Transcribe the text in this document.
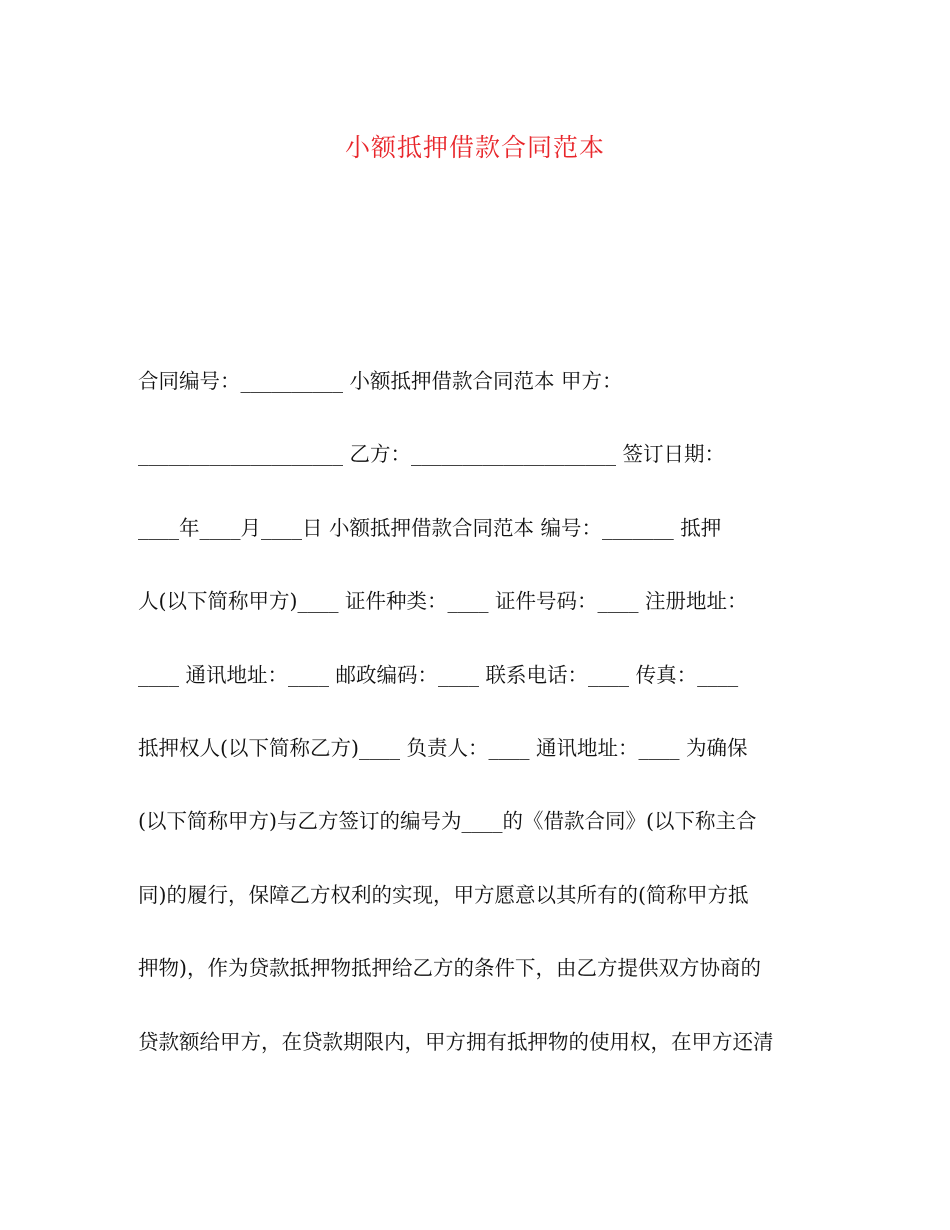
小额抵押借款合同范本
合同编号：__________ 小额抵押借款合同范本 甲方：
____________________ 乙方：____________________ 签订日期：
____年____月____日 小额抵押借款合同范本 编号：_______ 抵押
人(以下简称甲方)____ 证件种类：____ 证件号码：____ 注册地址：
____ 通讯地址：____ 邮政编码：____ 联系电话：____ 传真：____
抵押权人(以下简称乙方)____ 负责人：____ 通讯地址：____ 为确保
(以下简称甲方)与乙方签订的编号为____的《借款合同》(以下称主合
同)的履行，保障乙方权利的实现，甲方愿意以其所有的(简称甲方抵
押物)，作为贷款抵押物抵押给乙方的条件下，由乙方提供双方协商的
贷款额给甲方，在贷款期限内，甲方拥有抵押物的使用权，在甲方还清
